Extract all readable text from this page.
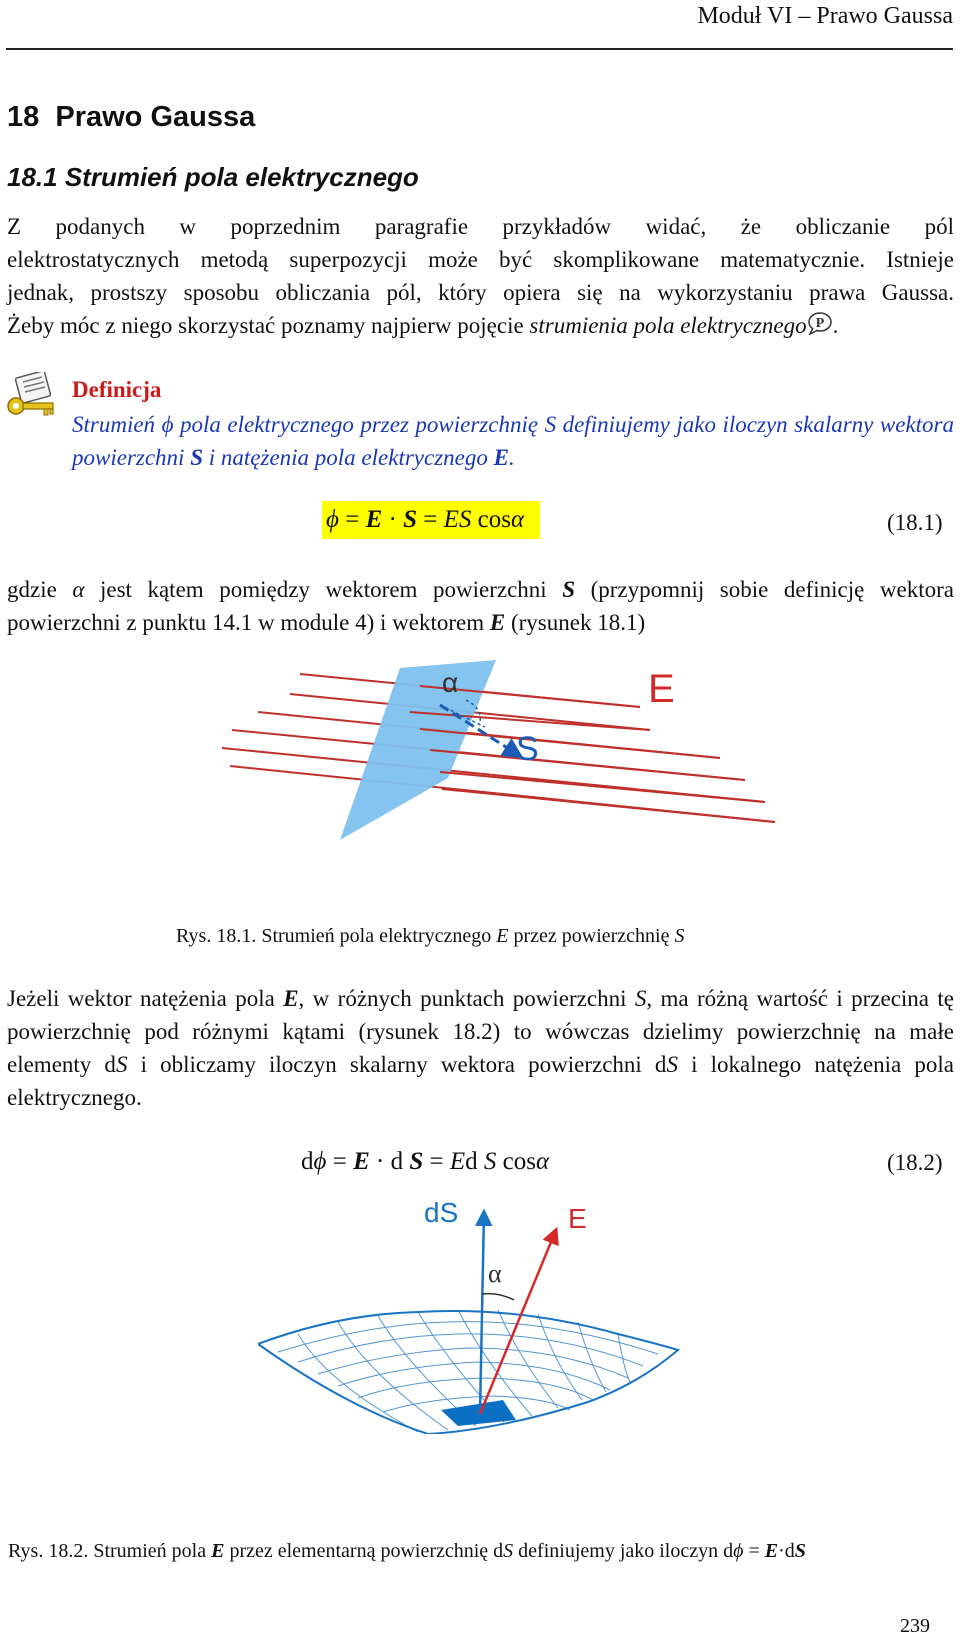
Moduł VI – Prawo Gaussa
18  Prawo Gaussa
18.1 Strumień pola elektrycznego

Z podanych w poprzednim paragrafie przykładów widać, że obliczanie pól

elektrostatycznych metodą superpozycji może być skomplikowane matematycznie. Istnieje

jednak, prostszy sposobu obliczania pól, który opiera się na wykorzystaniu prawa Gaussa.

Żeby móc z niego skorzystać poznamy najpierw pojęcie strumienia pola elektrycznego P .

Definicja
Strumień ϕ pola elektrycznego przez powierzchnię S definiujemy jako iloczyn skalarny wektora powierzchni S i natężenia pola elektrycznego E.
ϕ = E · S = ES cosα	(18.1)
gdzie α jest kątem pomiędzy wektorem powierzchni S (przypomnij sobie definicję wektora powierzchni z punktu 14.1 w module 4) i wektorem E (rysunek 18.1)
α	E
S
Rys. 18.1. Strumień pola elektrycznego E przez powierzchnię S
Jeżeli wektor natężenia pola E, w różnych punktach powierzchni S, ma różną wartość i przecina tę powierzchnię pod różnymi kątami (rysunek 18.2) to wówczas dzielimy powierzchnię na małe elementy dS i obliczamy iloczyn skalarny wektora powierzchni dS i lokalnego natężenia pola elektrycznego.
dϕ = E · d S = Ed S cosα	(18.2)
dS	E
α
Rys. 18.2. Strumień pola E przez elementarną powierzchnię dS definiujemy jako iloczyn dϕ = E·dS
239
